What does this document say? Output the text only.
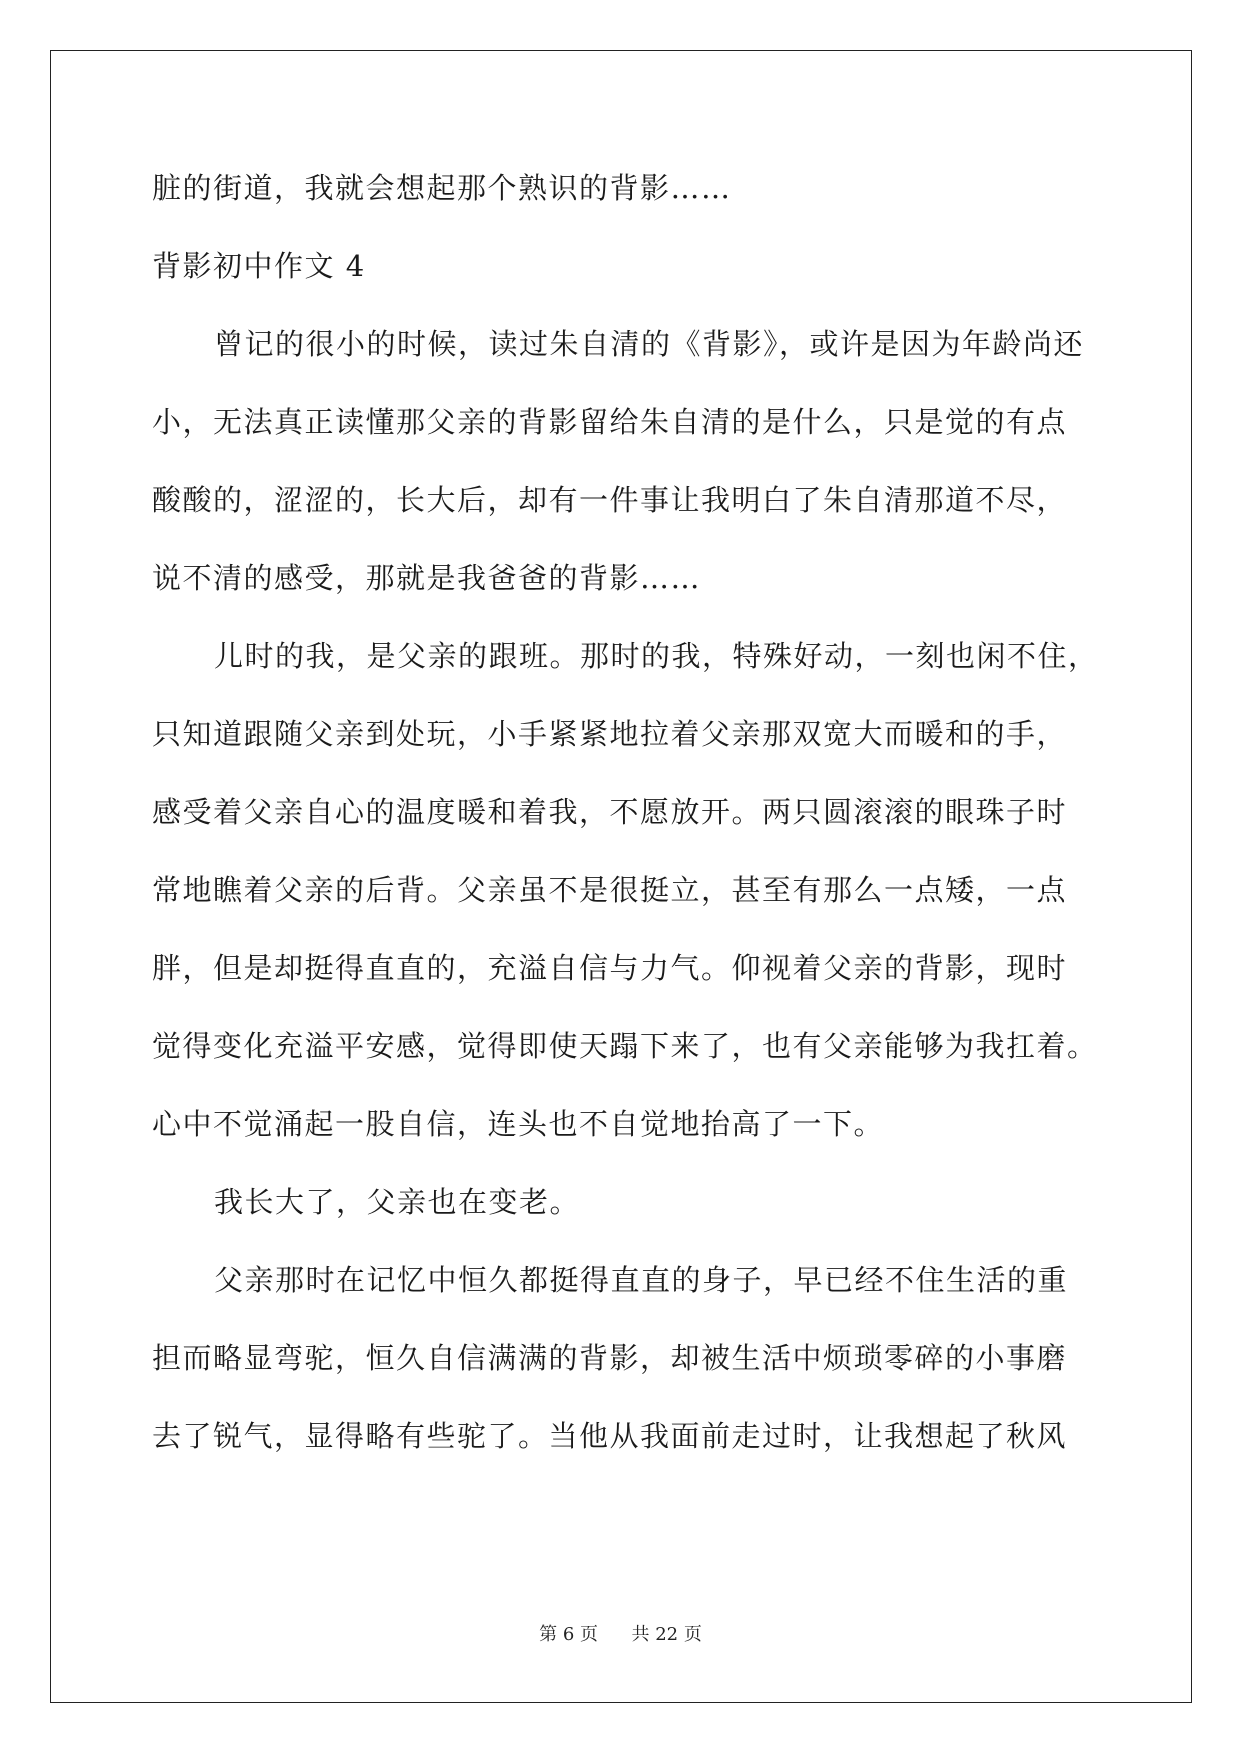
脏的街道，我就会想起那个熟识的背影……
背影初中作文 4
曾记的很小的时候，读过朱自清的《背影》，或许是因为年龄尚还
小，无法真正读懂那父亲的背影留给朱自清的是什么，只是觉的有点
酸酸的，涩涩的，长大后，却有一件事让我明白了朱自清那道不尽，
说不清的感受，那就是我爸爸的背影……
儿时的我，是父亲的跟班。那时的我，特殊好动，一刻也闲不住，
只知道跟随父亲到处玩，小手紧紧地拉着父亲那双宽大而暖和的手，
感受着父亲自心的温度暖和着我，不愿放开。两只圆滚滚的眼珠子时
常地瞧着父亲的后背。父亲虽不是很挺立，甚至有那么一点矮，一点
胖，但是却挺得直直的，充溢自信与力气。仰视着父亲的背影，现时
觉得变化充溢平安感，觉得即使天蹋下来了，也有父亲能够为我扛着。
心中不觉涌起一股自信，连头也不自觉地抬高了一下。
我长大了，父亲也在变老。
父亲那时在记忆中恒久都挺得直直的身子，早已经不住生活的重
担而略显弯驼，恒久自信满满的背影，却被生活中烦琐零碎的小事磨
去了锐气，显得略有些驼了。当他从我面前走过时，让我想起了秋风
第 6 页 共 22 页
